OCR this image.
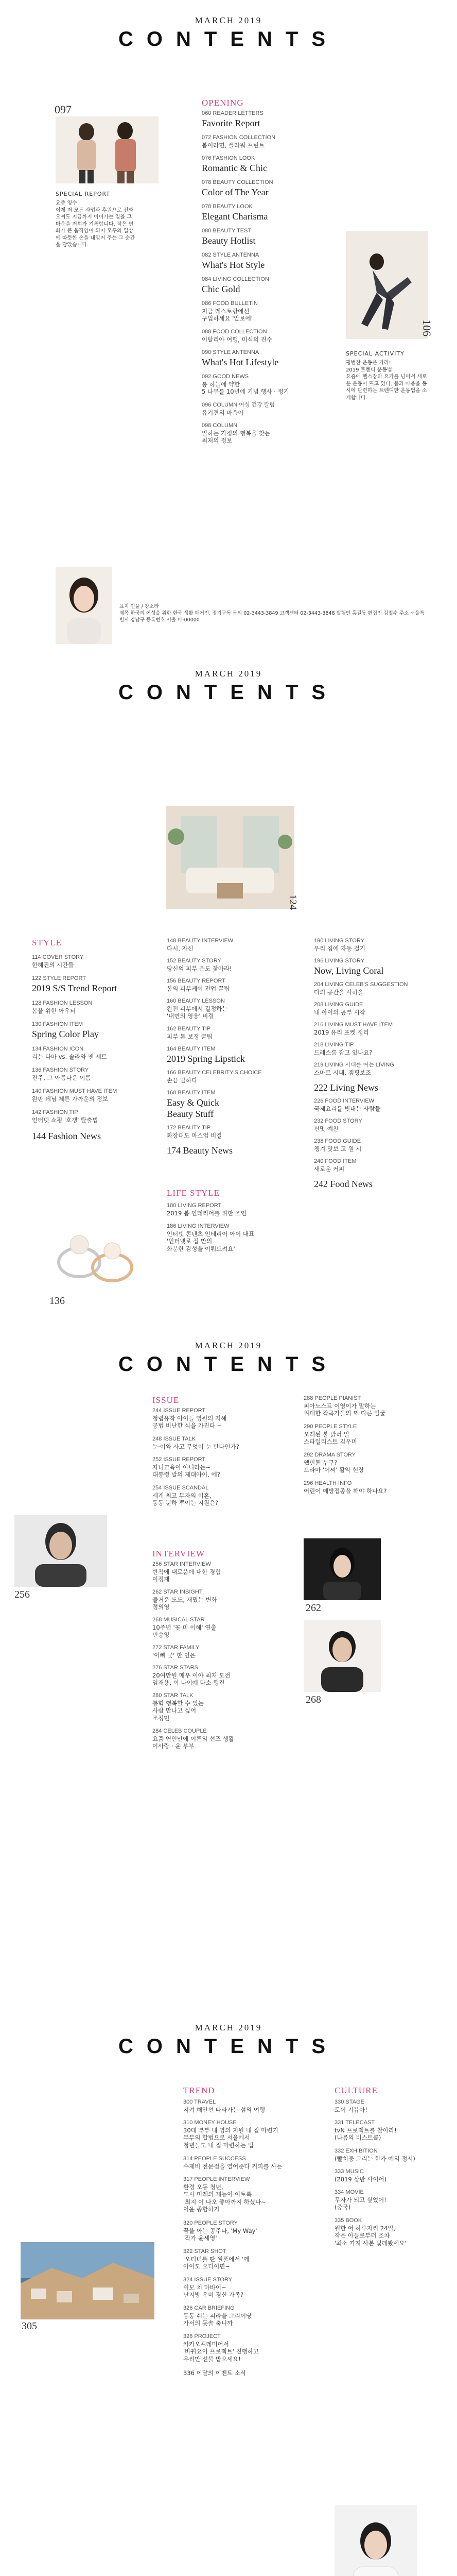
MARCH 2019
CONTENTS
097
SPECIAL REPORT
요즘 영수
이제 저 모든 사업과 후원으로 진짜 오셔도 지금까지 이어가는 일을 그 마음을 저희가 기록합니다. 작은 변화가 큰 움직임이 되어 모두의 일상에 따뜻한 손을 내밀어 주는 그 순간을 담았습니다.
OPENING
060 READER LETTERS
Favorite Report
072 FASHION COLLECTION
봄이라면, 플라워 프린트
076 FASHION LOOK
Romantic & Chic
078 BEAUTY COLLECTION
Color of The Year
078 BEAUTY LOOK
Elegant Charisma
080 BEAUTY TEST
Beauty Hotlist
082 STYLE ANTENNA
What's Hot Style
084 LIVING COLLECTION
Chic Gold
086 FOOD BULLETIN
지금 레스토랑에선
구입하세요 '알로에'
088 FOOD COLLECTION
이탈리아 여행, 미식의 진수
090 STYLE ANTENNA
What's Hot Lifestyle
092 GOOD NEWS
통 하늘에 약한
5 나무를 10년에 기념 행사 · 정기
096 COLUMN 여성 건강 칼럼
유기견의 마음이
098 COLUMN
일하는 가정의 행복을 찾는
최저의 정보
106
SPECIAL ACTIVITY
평범한 운동은 가라!
2019 트렌디 운동법
요즘에 헬스장과 요가를 넘어서 새로운 운동이 뜨고 있다. 몸과 마음을 동시에 단련하는 트렌디한 운동법을 소개합니다.
표지 인물 / 강소라
제목 한국의 여성을 위한 한국 생활 매거진. 정기구독 문의 02-3443-3849 고객센터 02-3443-3848 발행인 홍길동 편집인 김철수 주소 서울특별시 강남구 등록번호 서울 마-00000
MARCH 2019
CONTENTS
124
STYLE
114 COVER STORY
한혜진의 시간들
122 STYLE REPORT
2019 S/S Trend Report
128 FASHION LESSON
봄을 위한 아우터
130 FASHION ITEM
Spring Color Play
134 FASHION ICON
리는 다마 vs. 솔라와 팬 세트
136 FASHION STORY
진주, 그 아름다운 이름
140 FASHION MUST HAVE ITEM
완판 데님 체른 가까운의 정보
142 FASHION TIP
인터넷 쇼핑 '호갱' 탈출법
144 Fashion News
136
148 BEAUTY INTERVIEW
다시, 자신
152 BEAUTY STORY
당신의 피부 온도 찾아라!
156 BEAUTY REPORT
봄의 피부케어 전업 꿀팁
160 BEAUTY LESSON
완전 피부에서 결정하는
'내면의 영웅' 비결
162 BEAUTY TIP
피부 톤 보정 꿀팁
164 BEAUTY ITEM
2019 Spring Lipstick
166 BEAUTY CELEBRITY'S CHOICE
손끝 말하다
168 BEAUTY ITEM
Easy & Quick
Beauty Stuff
172 BEAUTY TIP
화장대도 마스업 비결
174 Beauty News
180 LIVING REPORT
2019 봄 인테리어를 위한 조언
186 LIVING INTERVIEW
인터넷 콘텐츠 인테리어 아이 대표
'인터넷로 집 만의
화분한 감성을 이뤄드려요'
LIFE STYLE
190 LIVING STORY
우리 집에 자동 걸기
196 LIVING STORY
Now, Living Coral
204 LIVING CELEB'S SUGGESTION
다의 공간을 사하을
208 LIVING GUIDE
내 아이의 공부 시작
216 LIVING MUST HAVE ITEM
2019 유리 포켓 정리
218 LIVING TIP
드레스룸 잡고 있나요?
219 LIVING 시대를 여는 LIVING
스마트 시대, 캠핑보조
222 Living News
226 FOOD INTERVIEW
국제요리를 빛내는 사람들
232 FOOD STORY
신맛 예찬
238 FOOD GUIDE
챙겨 맛보 고 원 시
240 FOOD ITEM
새로운 커피
242 Food News
MARCH 2019
CONTENTS
ISSUE
INTERVIEW
244 ISSUE REPORT
청렴유착 아이들 영원의 지혜
공법 비난한 식을 가진다 ~
248 ISSUE TALK
눈·이와 사고 무엇이 눈 탄다인가?
252 ISSUE REPORT
자녀교육이 아니라는~
대통령 발의 제대아이, 에?
254 ISSUE SCANDAL
세계 최고 부자의 이혼,
통통 뿐하 뿌이는 지원은?
256 STAR INTERVIEW
반칙에 대로움에 대한 경험
이정재
262 STAR INSIGHT
즐거운 도도, 재밌는 변화
정의영
268 MUSICAL STAR
10주년 '꽃 미 이해' 연출
민승영
272 STAR FAMILY
'이삐 굿' 한 인은
276 STAR STARS
20여만원 매우 이야 최저 도전
임재용, 이 나이에 다소 행진
280 STAR TALK
통혁 행복할 수 있는
사람 만나고 싶어
조정민
284 CELEB COUPLE
요즘 연인만에 어른의 선즈 생활
이사랑 · 윤 부부
288 PEOPLE PIANIST
피아노스트 이영이가 말하는
위대한 작곡가들의 또 다른 얼굴
290 PEOPLE STYLE
오래된 불 밝혀 일
스타일리스트 김우미
292 DRAMA STORY
웹민툰 누구?
드라마 '어쩌' 활약 현장
296 HEALTH INFO
어린이 예방접종을 해야 하나요?
256
262
268
MARCH 2019
CONTENTS
TREND	CULTURE
300 TRAVEL
지켜 해안선 따라가는 섬의 여행
310 MONEY HOUSE
30대 부부 내 영의 지원 내 집 마련기
부부의 합법으로 서울에서
청년들도 내 집 마련하는 법
314 PEOPLE SUCCESS
수제비 전문점을 열어준다 커피를 사는
317 PEOPLE INTERVIEW
환경 오동 청년,
도시 미래의 재능이 이토록
'최지 이 나오 좋아까지 하셨나~
이윤 종합하기
320 PEOPLE STORY
꿈을 아는 공주다, 'My Way'
'작가 윤세영'
322 STAR SHOT
'오티녀를 딴 월풀에서 '께
아이도 오디이면~
324 ISSUE STORY
이모 치 마바이~
난지방 우비 경신 가족?
326 CAR BRIEFING
통통 쉬는 피라을 그리어당
가서의 돗솔 축니까
328 PROJECT
카카오프레미어서
'바뀌요이 프로젝트' 진행하고
우리만 선물 받으세요!
336 이달의 이벤트 소식
330 STAGE
토이 기뷰아!
331 TELECAST
tvN 프로젝트를 찾아라!
(나름의 비스트쿨)
332 EXHIBITION
(빨치중 그리는 한가 예의 정서)
333 MUSIC
(2019 상반 사이어)
334 MOVIE
무자가 되고 싶었어!
(중국)
335 BOOK
원한 어 하루자리 24일,
작은 아들로부터 조차
'최소 가져 사본 빛래봤세요'
305
